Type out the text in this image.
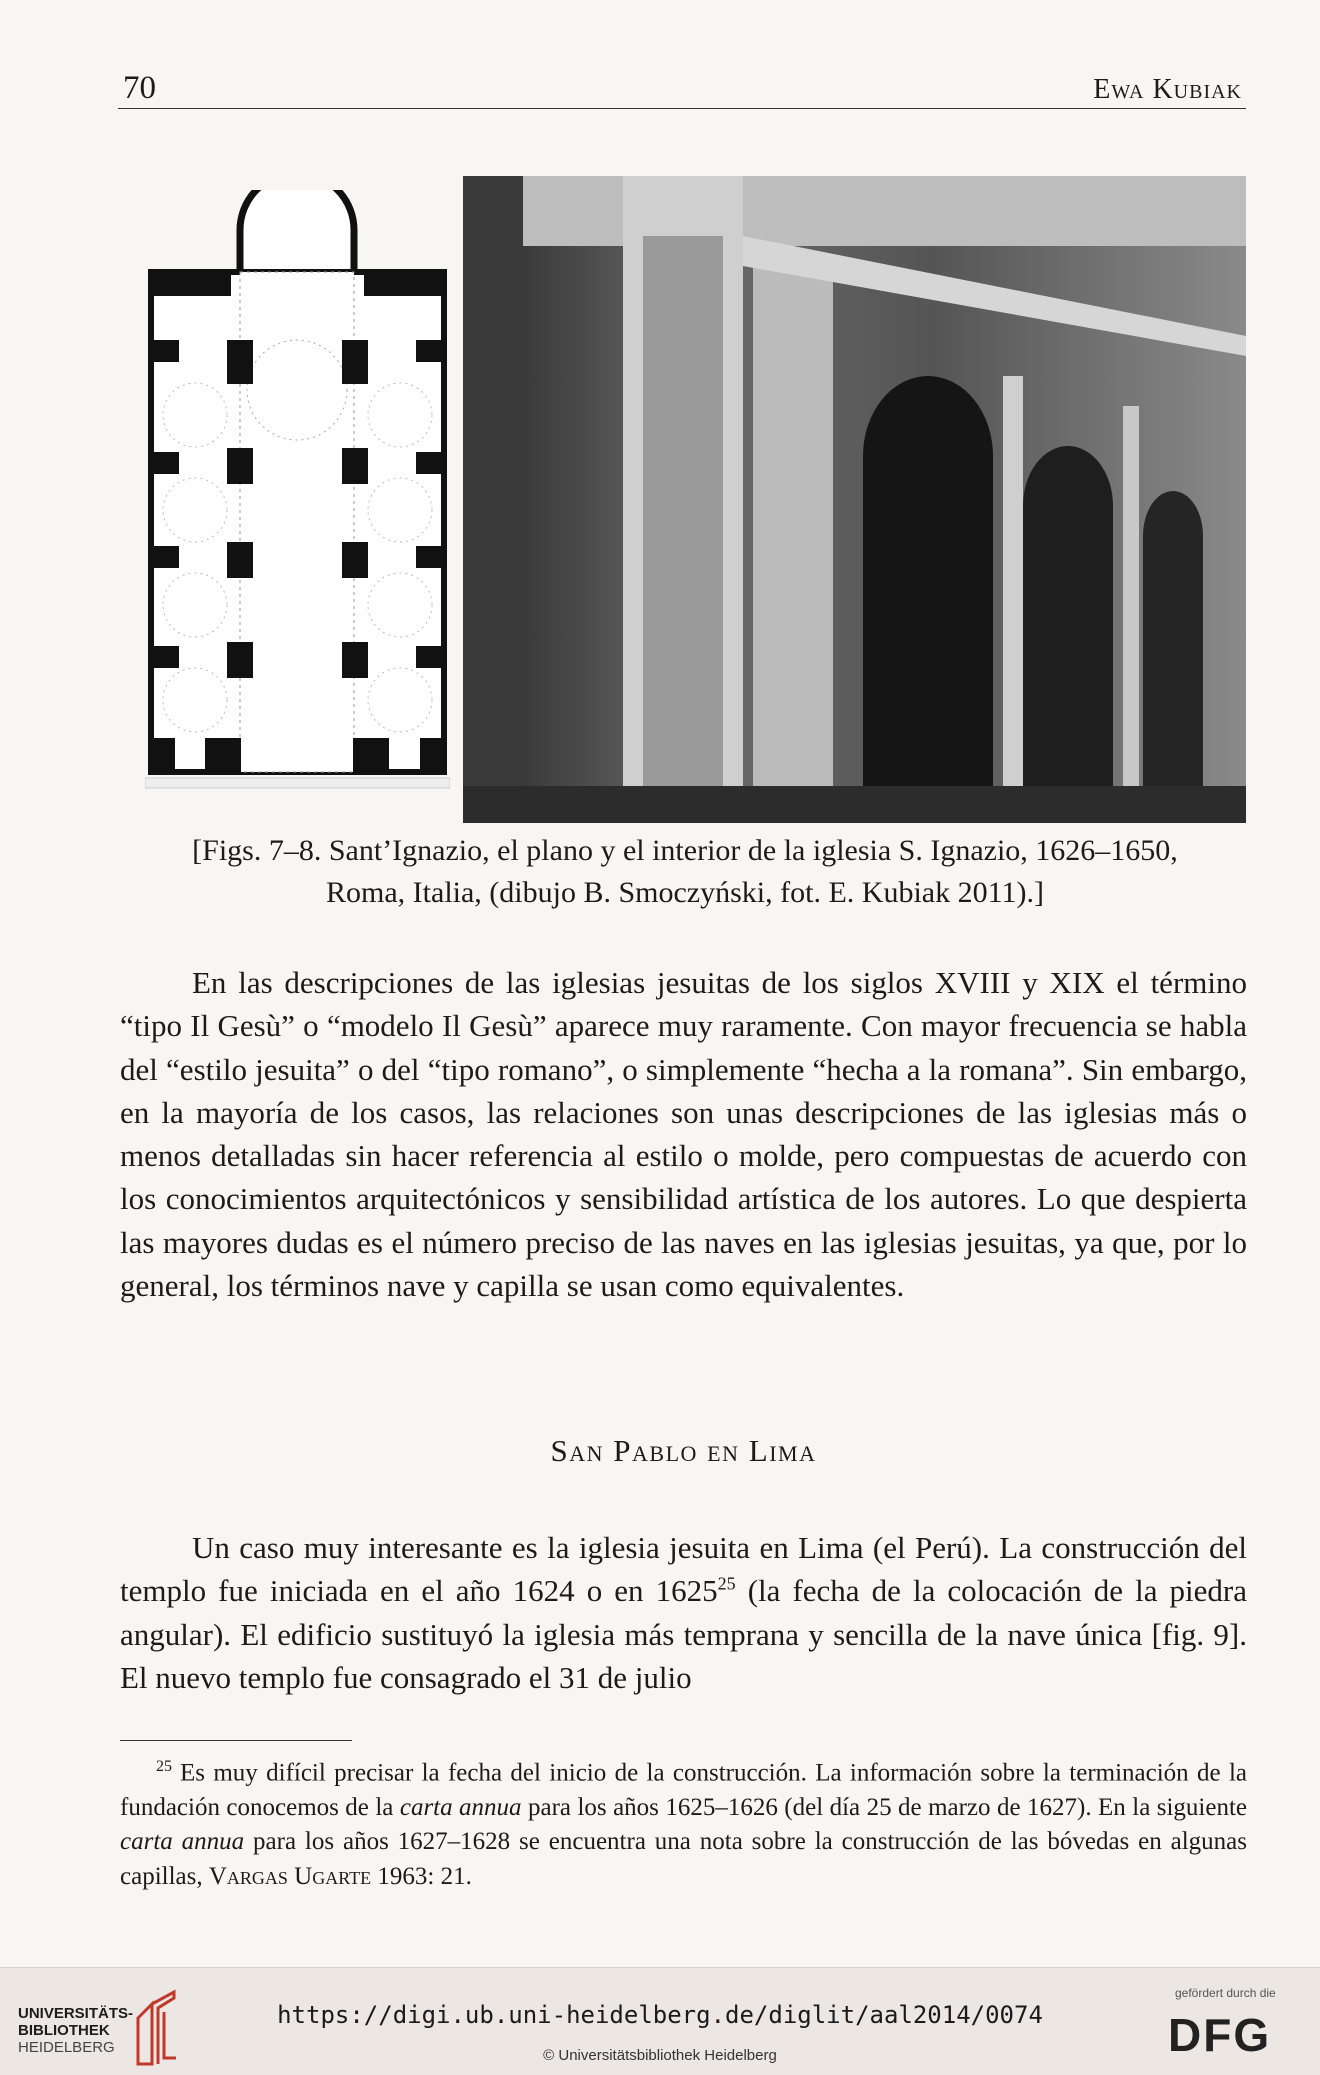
70	Ewa Kubiak
[Figs. 7–8. Sant’Ignazio, el plano y el interior de la iglesia S. Ignazio, 1626–1650,
Roma, Italia, (dibujo B. Smoczyński, fot. E. Kubiak 2011).]

En las descripciones de las iglesias jesuitas de los siglos XVIII y XIX el término “tipo Il Gesù” o “modelo Il Gesù” aparece muy raramente. Con mayor frecuencia se habla del “estilo jesuita” o del “tipo romano”, o simplemente “hecha a la romana”. Sin embargo, en la mayoría de los casos, las relaciones son unas descripciones de las iglesias más o menos detalladas sin hacer referencia al estilo o molde, pero compuestas de acuerdo con los conocimientos arquitectónicos y sensibilidad artística de los autores. Lo que despierta las mayores dudas es el número preciso de las naves en las iglesias jesuitas, ya que, por lo general, los términos nave y capilla se usan como equivalentes.

San Pablo en Lima

Un caso muy interesante es la iglesia jesuita en Lima (el Perú). La construcción del templo fue iniciada en el año 1624 o en 1625$^{25}$ (la fecha de la colocación de la piedra angular). El edificio sustituyó la iglesia más temprana y sencilla de la nave única [fig. 9]. El nuevo templo fue consagrado el 31 de julio

$^{25}$ Es muy difícil precisar la fecha del inicio de la construcción. La información sobre la terminación de la fundación conocemos de la carta annua para los años 1625–1626 (del día 25 de marzo de 1627). En la siguiente carta annua para los años 1627–1628 se encuentra una nota sobre la construcción de las bóvedas en algunas capillas, Vargas Ugarte 1963: 21.
UNIVERSITÄTS-
BIBLIOTHEK
HEIDELBERG
https://digi.ub.uni-heidelberg.de/diglit/aal2014/0074
© Universitätsbibliothek Heidelberg
gefördert durch die
DFG
